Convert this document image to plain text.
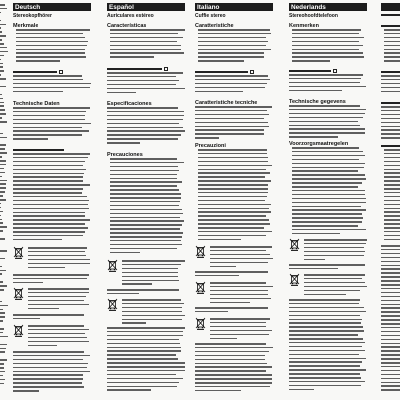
Deutsch
Stereokopfhörer
Merkmale
Technische Daten
Español
Auriculares estéreo
Características
Especificaciones
Precauciones
Italiano
Cuffie stereo
Caratteristiche
Caratteristiche tecniche
Precauzioni
Nederlands
Stereohoofdtelefoon
Kenmerken
Technische gegevens
Voorzorgsmaatregelen
